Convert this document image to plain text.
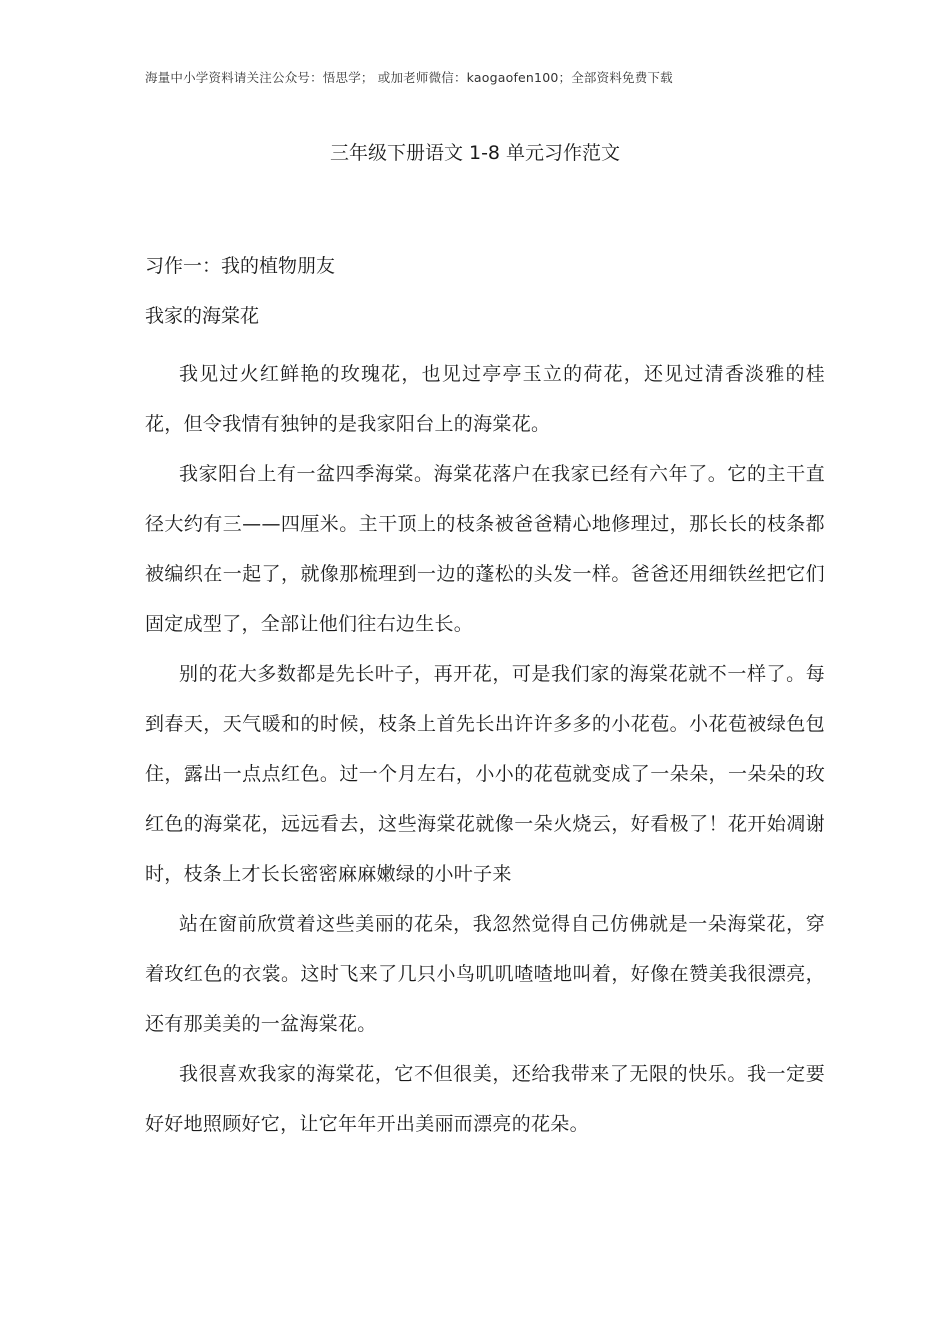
海量中小学资料请关注公众号：悟思学； 或加老师微信：kaogaofen100；全部资料免费下载
三年级下册语文 1-8 单元习作范文
习作一：我的植物朋友
我家的海棠花

我见过火红鲜艳的玫瑰花，也见过亭亭玉立的荷花，还见过清香淡雅的桂花，但令我情有独钟的是我家阳台上的海棠花。

我家阳台上有一盆四季海棠。海棠花落户在我家已经有六年了。它的主干直径大约有三——四厘米。主干顶上的枝条被爸爸精心地修理过，那长长的枝条都被编织在一起了，就像那梳理到一边的蓬松的头发一样。爸爸还用细铁丝把它们固定成型了，全部让他们往右边生长。

别的花大多数都是先长叶子，再开花，可是我们家的海棠花就不一样了。每到春天，天气暖和的时候，枝条上首先长出许许多多的小花苞。小花苞被绿色包住，露出一点点红色。过一个月左右，小小的花苞就变成了一朵朵，一朵朵的玫红色的海棠花，远远看去，这些海棠花就像一朵火烧云，好看极了！花开始凋谢时，枝条上才长长密密麻麻嫩绿的小叶子来

站在窗前欣赏着这些美丽的花朵，我忽然觉得自己仿佛就是一朵海棠花，穿着玫红色的衣裳。这时飞来了几只小鸟叽叽喳喳地叫着，好像在赞美我很漂亮，还有那美美的一盆海棠花。

我很喜欢我家的海棠花，它不但很美，还给我带来了无限的快乐。我一定要好好地照顾好它，让它年年开出美丽而漂亮的花朵。
